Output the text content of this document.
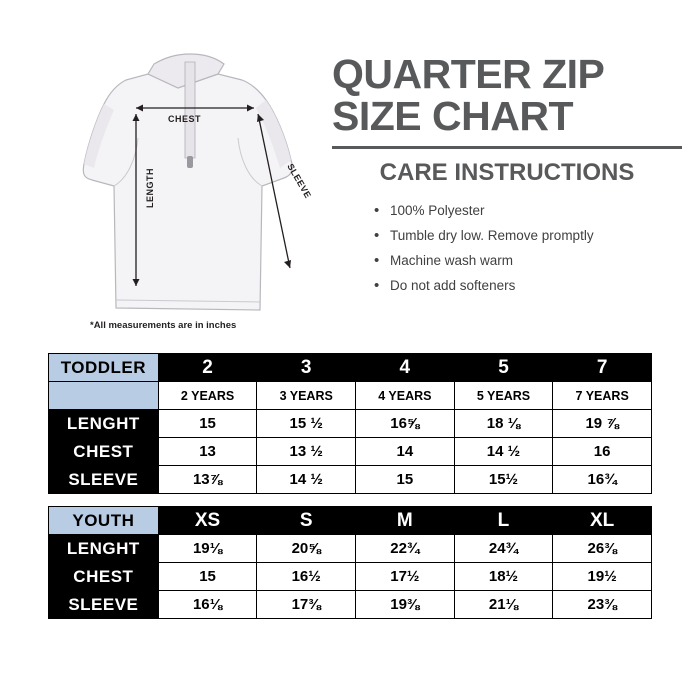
CHEST
LENGTH	SLEEVE
*All measurements are in inches
QUARTER ZIP
SIZE CHART
CARE INSTRUCTIONS
• 100% Polyester
• Tumble dry low. Remove promptly
• Machine wash warm
• Do not add softeners
TODDLER	2	3	4	5	7
	2 YEARS	3 YEARS	4 YEARS	5 YEARS	7 YEARS
LENGHT	15	15 ½	16⅝	18 ⅛	19 ⅞
CHEST	13	13 ½	14	14 ½	16
SLEEVE	13⅞	14 ½	15	15½	16¾
YOUTH	XS	S	M	L	XL
LENGHT	19⅛	20⅝	22¾	24¾	26⅜
CHEST	15	16½	17½	18½	19½
SLEEVE	16⅛	17⅜	19⅜	21⅛	23⅜
